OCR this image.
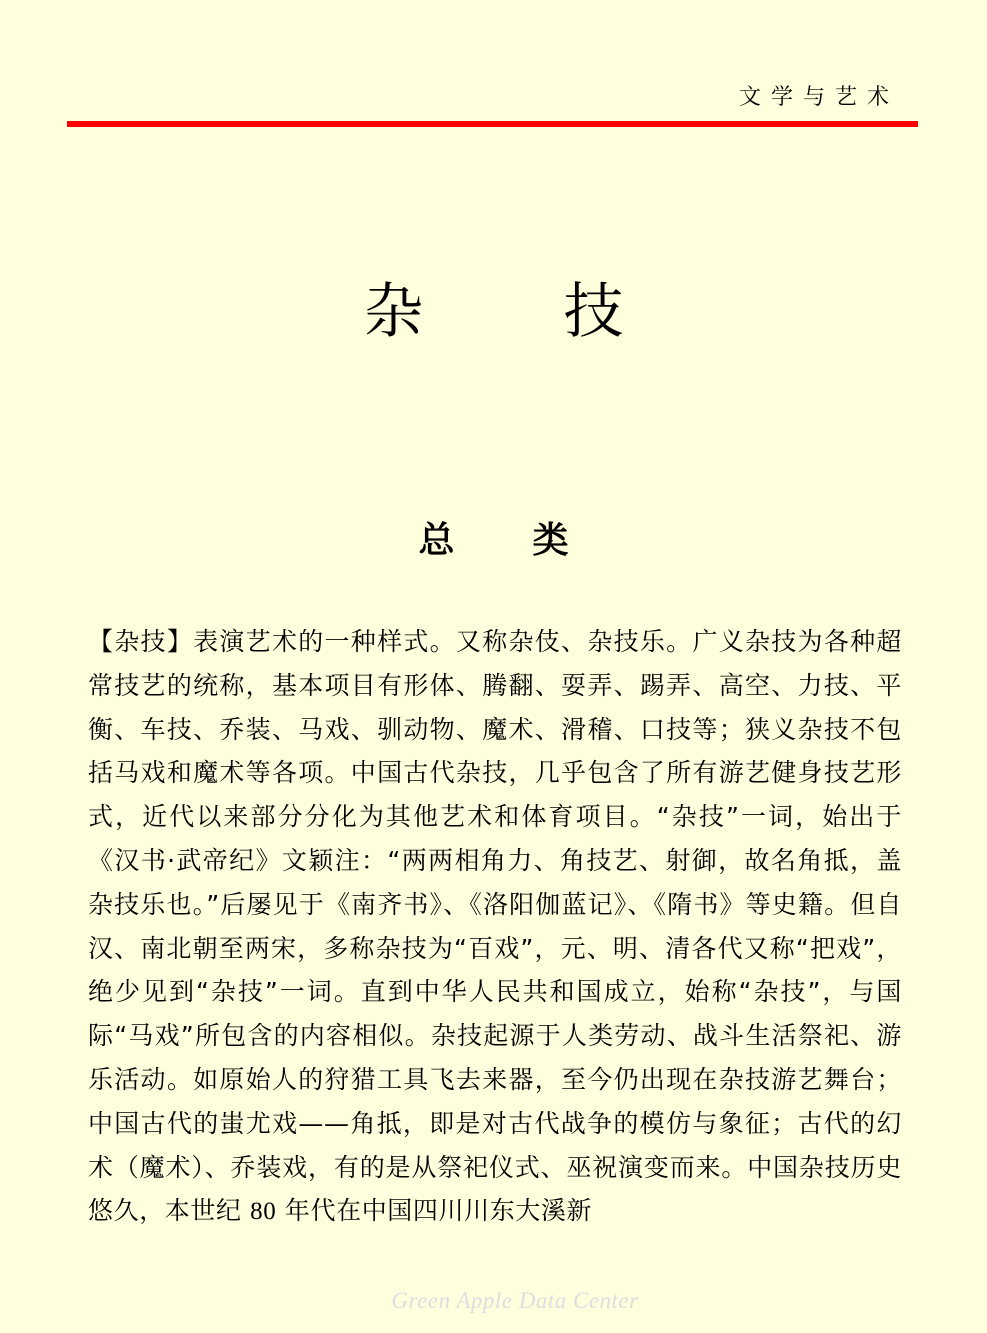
文学与艺术
杂 技
总 类

【杂技】表演艺术的一种样式。又称杂伎、杂技乐。广义杂技为各种超常技艺的统称，基本项目有形体、腾翻、耍弄、踢弄、高空、力技、平衡、车技、乔装、马戏、驯动物、魔术、滑稽、口技等；狭义杂技不包括马戏和魔术等各项。中国古代杂技，几乎包含了所有游艺健身技艺形式，近代以来部分分化为其他艺术和体育项目。“杂技”一词，始出于《汉书·武帝纪》文颖注：“两两相角力、角技艺、射御，故名角抵，盖杂技乐也。”后屡见于《南齐书》、《洛阳伽蓝记》、《隋书》等史籍。但自汉、南北朝至两宋，多称杂技为“百戏”，元、明、清各代又称“把戏”，绝少见到“杂技”一词。直到中华人民共和国成立，始称“杂技”，与国际“马戏”所包含的内容相似。杂技起源于人类劳动、战斗生活祭祀、游乐活动。如原始人的狩猎工具飞去来器，至今仍出现在杂技游艺舞台；中国古代的蚩尤戏——角抵，即是对古代战争的模仿与象征；古代的幻术（魔术）、乔装戏，有的是从祭祀仪式、巫祝演变而来。中国杂技历史悠久，本世纪 80 年代在中国四川川东大溪新

Green Apple Data Center
